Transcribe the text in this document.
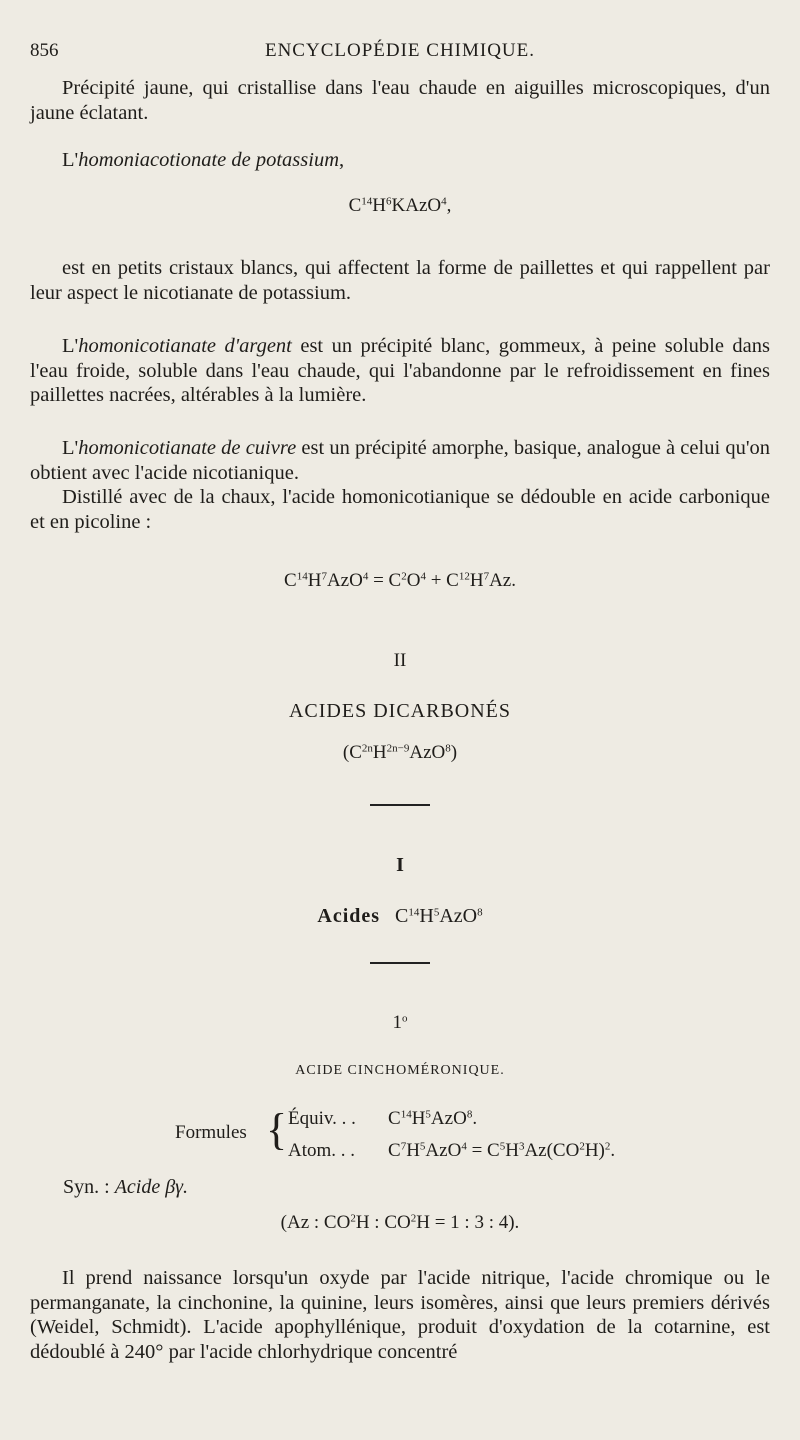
856	ENCYCLOPÉDIE CHIMIQUE.

Précipité jaune, qui cristallise dans l'eau chaude en aiguilles microscopiques, d'un jaune éclatant.

L'homoniacotionate de potassium,

$C^{14}H^6KAzO^4$,

est en petits cristaux blancs, qui affectent la forme de paillettes et qui rappellent par leur aspect le nicotianate de potassium.

L'homonicotianate d'argent est un précipité blanc, gommeux, à peine soluble dans l'eau froide, soluble dans l'eau chaude, qui l'abandonne par le refroidissement en fines paillettes nacrées, altérables à la lumière.

L'homonicotianate de cuivre est un précipité amorphe, basique, analogue à celui qu'on obtient avec l'acide nicotianique.

Distillé avec de la chaux, l'acide homonicotianique se dédouble en acide carbonique et en picoline :

$C^{14}H^7AzO^4 = C^2O^4 + C^{12}H^7Az$.
II
ACIDES DICARBONÉS
$(C^{2n}H^{2n-9}AzO^8)$
I
Acides $C^{14}H^5AzO^8$
1$^o$
ACIDE CINCHOMÉRONIQUE.
Formules { Équiv. . . $C^{14}H^5AzO^8$.
Atom. . . $C^7H^5AzO^4 = C^5H^3Az(CO^2H)^2$.
Syn. : Acide βγ.
(Az : $CO^2H$ : $CO^2H = 1$ : 3 : 4).

Il prend naissance lorsqu'un oxyde par l'acide nitrique, l'acide chromique ou le permanganate, la cinchonine, la quinine, leurs isomères, ainsi que leurs premiers dérivés (Weidel, Schmidt). L'acide apophyllénique, produit d'oxydation de la cotarnine, est dédoublé à 240° par l'acide chlorhydrique concentré
